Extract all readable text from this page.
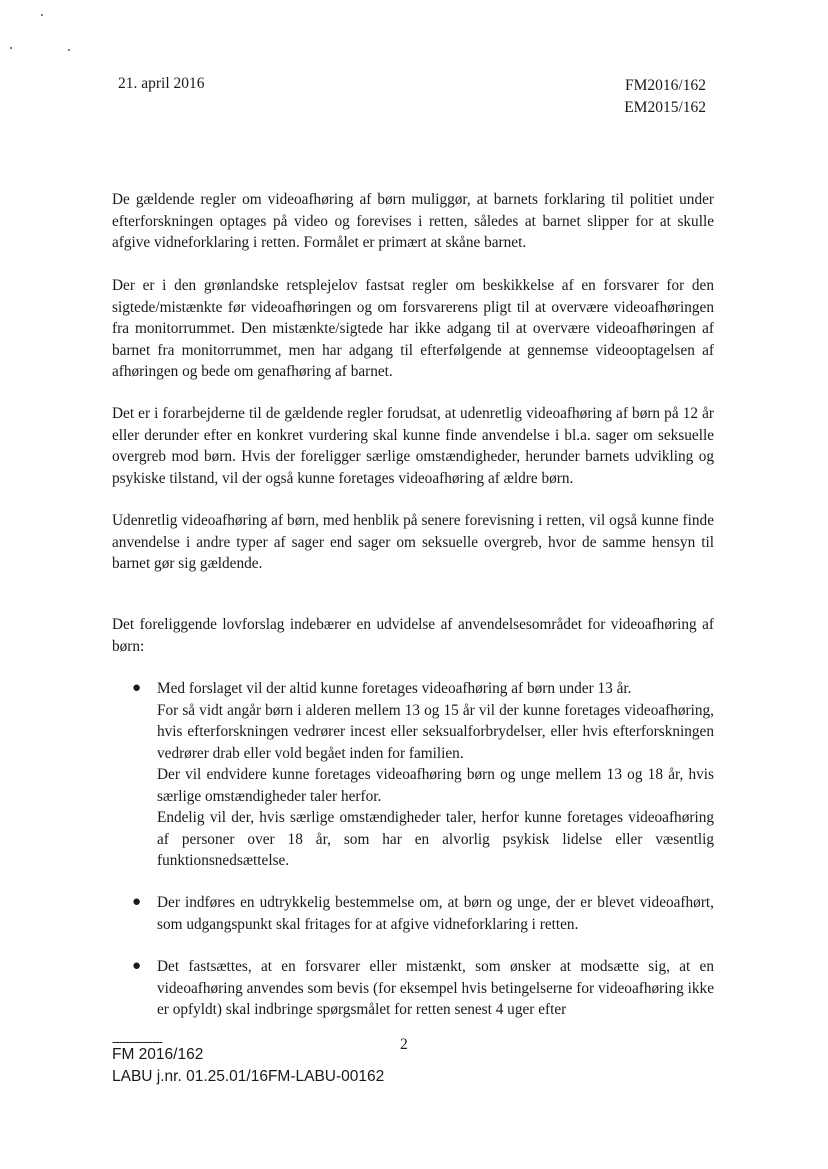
21. april 2016	FM2016/162
EM2015/162

De gældende regler om videoafhøring af børn muliggør, at barnets forklaring til politiet under efterforskningen optages på video og forevises i retten, således at barnet slipper for at skulle afgive vidneforklaring i retten. Formålet er primært at skåne barnet.

Der er i den grønlandske retsplejelov fastsat regler om beskikkelse af en forsvarer for den sigtede/mistænkte før videoafhøringen og om forsvarerens pligt til at overvære videoafhøringen fra monitorrummet. Den mistænkte/sigtede har ikke adgang til at overvære videoafhøringen af barnet fra monitorrummet, men har adgang til efterfølgende at gennemse videooptagelsen af afhøringen og bede om genafhøring af barnet.

Det er i forarbejderne til de gældende regler forudsat, at udenretlig videoafhøring af børn på 12 år eller derunder efter en konkret vurdering skal kunne finde anvendelse i bl.a. sager om seksuelle overgreb mod børn. Hvis der foreligger særlige omstændigheder, herunder barnets udvikling og psykiske tilstand, vil der også kunne foretages videoafhøring af ældre børn.

Udenretlig videoafhøring af børn, med henblik på senere forevisning i retten, vil også kunne finde anvendelse i andre typer af sager end sager om seksuelle overgreb, hvor de samme hensyn til barnet gør sig gældende.

Det foreliggende lovforslag indebærer en udvidelse af anvendelsesområdet for videoafhøring af børn:

● Med forslaget vil der altid kunne foretages videoafhøring af børn under 13 år.

For så vidt angår børn i alderen mellem 13 og 15 år vil der kunne foretages videoafhøring, hvis efterforskningen vedrører incest eller seksualforbrydelser, eller hvis efterforskningen vedrører drab eller vold begået inden for familien.

Der vil endvidere kunne foretages videoafhøring børn og unge mellem 13 og 18 år, hvis særlige omstændigheder taler herfor.

Endelig vil der, hvis særlige omstændigheder taler, herfor kunne foretages videoafhøring af personer over 18 år, som har en alvorlig psykisk lidelse eller væsentlig funktionsnedsættelse.

● Der indføres en udtrykkelig bestemmelse om, at børn og unge, der er blevet videoafhørt, som udgangspunkt skal fritages for at afgive vidneforklaring i retten.

● Det fastsættes, at en forsvarer eller mistænkt, som ønsker at modsætte sig, at en videoafhøring anvendes som bevis (for eksempel hvis betingelserne for videoafhøring ikke er opfyldt) skal indbringe spørgsmålet for retten senest 4 uger efter

---------------	2
FM 2016/162
LABU j.nr. 01.25.01/16FM-LABU-00162
